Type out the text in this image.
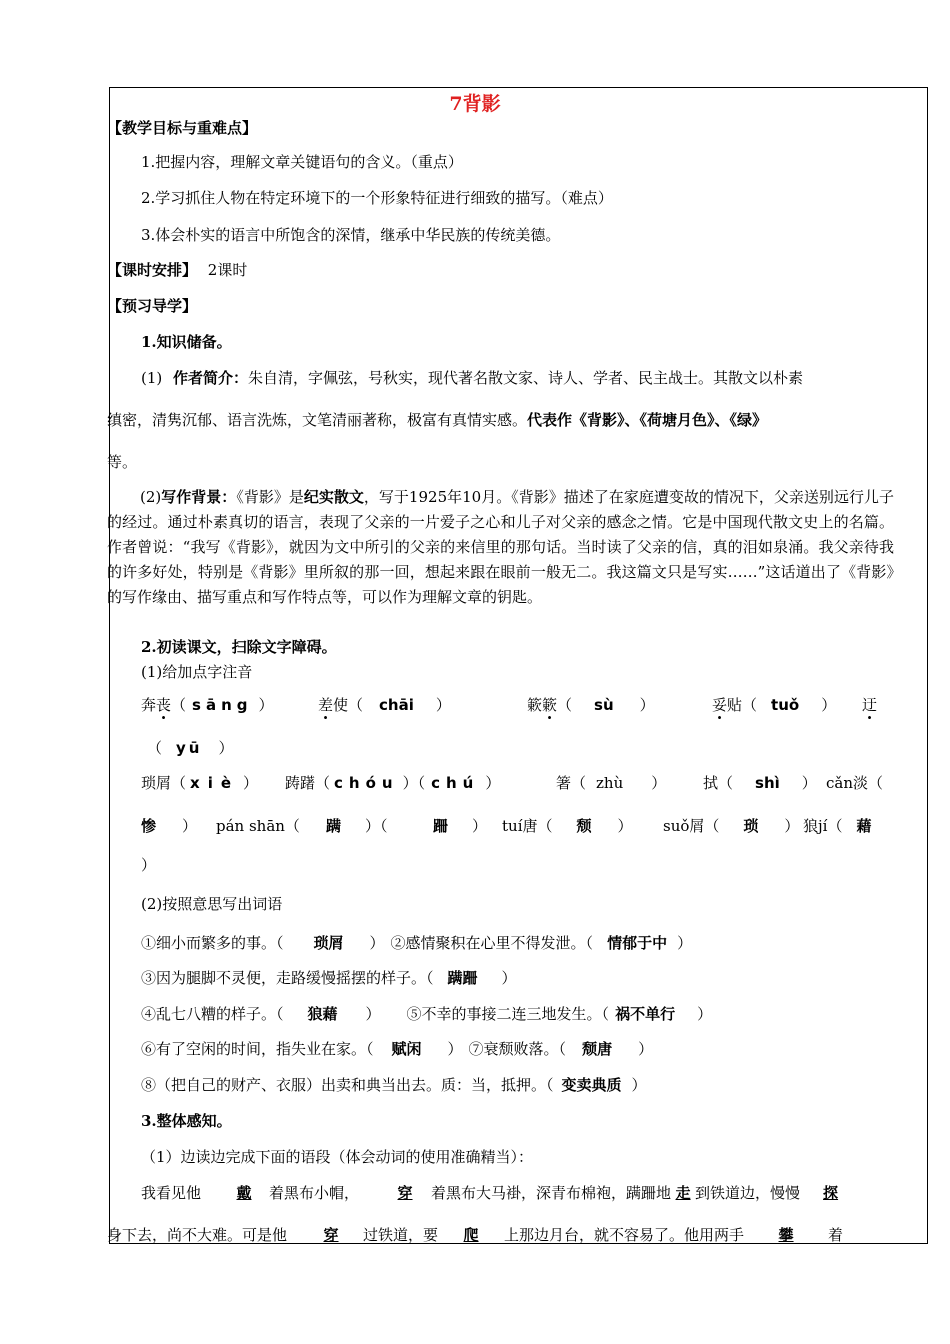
7背影
【教学目标与重难点】
1.把握内容，理解文章关键语句的含义。（重点）
2.学习抓住人物在特定环境下的一个形象特征进行细致的描写。（难点）
3.体会朴实的语言中所饱含的深情，继承中华民族的传统美德。
【课时安排】 2课时
【预习导学】
1.知识储备。
(1) 作者简介：朱自清，字佩弦，号秋实，现代著名散文家、诗人、学者、民主战士。其散文以朴素
缜密，清隽沉郁、语言洗炼，文笔清丽著称，极富有真情实感。代表作《背影》、《荷塘月色》、《绿》
等。
(2)写作背景：《背影》是纪实散文，写于1925年10月。《背影》描述了在家庭遭变故的情况下，父亲送别远行儿子的经过。通过朴素真切的语言，表现了父亲的一片爱子之心和儿子对父亲的感念之情。它是中国现代散文史上的名篇。作者曾说：“我写《背影》，就因为文中所引的父亲的来信里的那句话。当时读了父亲的信，真的泪如泉涌。我父亲待我的许多好处，特别是《背影》里所叙的那一回，想起来跟在眼前一般无二。我这篇文只是写实……”这话道出了《背影》的写作缘由、描写重点和写作特点等，可以作为理解文章的钥匙。
2.初读课文，扫除文字障碍。
(1)给加点字注音
奔丧（ sāng ）	差使（ chāi ）	簌簌（ sù ）	妥贴（ tuǒ ） 迂
（ yū ）
琐屑（ xiè ） 踌躇（ chóu ）（ chú ）	箸（ zhù ） 拭（ shì ） cǎn淡（
惨 ） pán shān（ 蹒 ）（	跚 ） tuí唐（ 颓 ） suǒ屑（ 琐 ） 狼jí（ 藉
）
(2)按照意思写出词语
①细小而繁多的事。（ 琐屑 ） ②感情聚积在心里不得发泄。（ 情郁于中 ）
③因为腿脚不灵便，走路缓慢摇摆的样子。（ 蹒跚 ）
④乱七八糟的样子。（ 狼藉 ） ⑤不幸的事接二连三地发生。（ 祸不单行 ）
⑥有了空闲的时间，指失业在家。（ 赋闲 ） ⑦衰颓败落。（ 颓唐 ）
⑧（把自己的财产、衣服）出卖和典当出去。质：当，抵押。（ 变卖典质 ）
3.整体感知。
（1）边读边完成下面的语段（体会动词的使用准确精当）：
我看见他 戴 着黑布小帽，	穿 着黑布大马褂，深青布棉袍，蹒跚地 走 到铁道边，慢慢 探
身下去，尚不大难。可是他 穿 过铁道，要 爬 上那边月台，就不容易了。他用两手 攀 着
